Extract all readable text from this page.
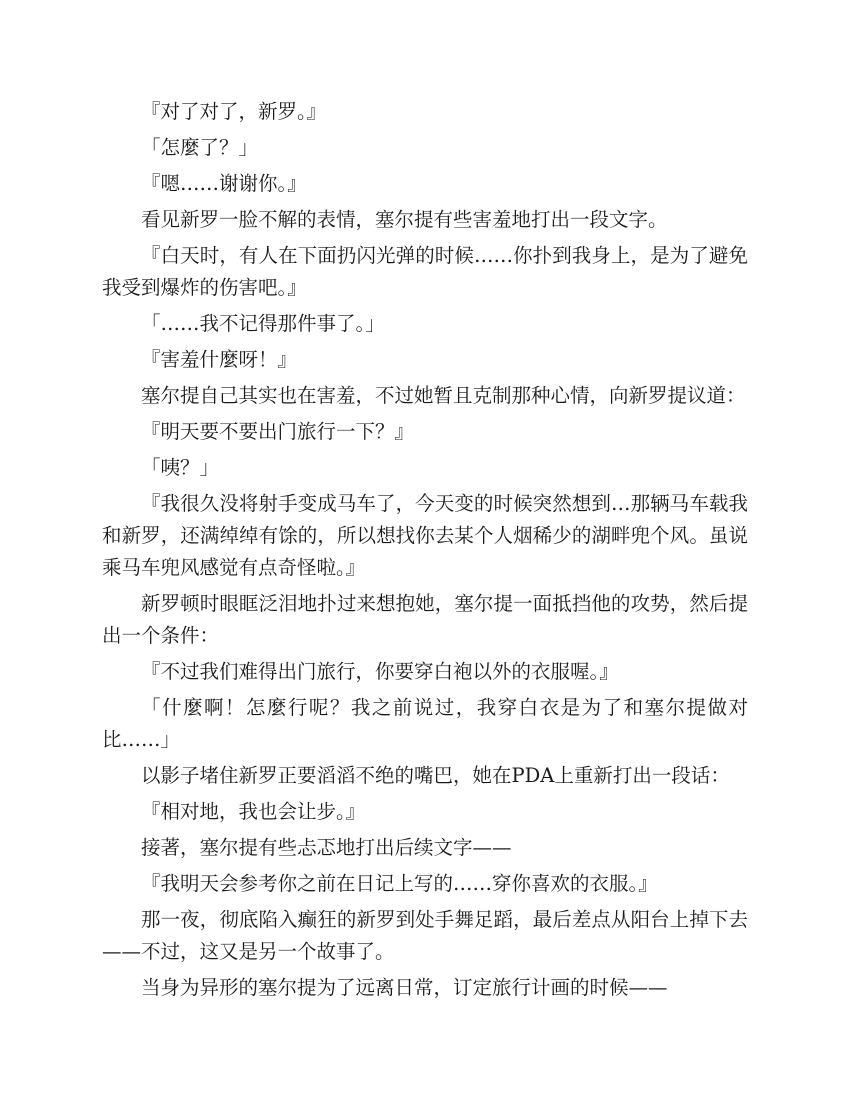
『对了对了，新罗。』

「怎麼了？」

『嗯……谢谢你。』

看见新罗一脸不解的表情，塞尔提有些害羞地打出一段文字。

『白天时，有人在下面扔闪光弹的时候……你扑到我身上，是为了避免我受到爆炸的伤害吧。』

「……我不记得那件事了。」

『害羞什麼呀！』

塞尔提自己其实也在害羞，不过她暂且克制那种心情，向新罗提议道：

『明天要不要出门旅行一下？』

「咦？」

『我很久没将射手变成马车了，今天变的时候突然想到…那辆马车载我和新罗，还满绰绰有馀的，所以想找你去某个人烟稀少的湖畔兜个风。虽说乘马车兜风感觉有点奇怪啦。』

新罗顿时眼眶泛泪地扑过来想抱她，塞尔提一面抵挡他的攻势，然后提出一个条件：

『不过我们难得出门旅行，你要穿白袍以外的衣服喔。』

「什麼啊！怎麼行呢？我之前说过，我穿白衣是为了和塞尔提做对比……」

以影子堵住新罗正要滔滔不绝的嘴巴，她在PDA上重新打出一段话：

『相对地，我也会让步。』

接著，塞尔提有些忐忑地打出后续文字——

『我明天会参考你之前在日记上写的……穿你喜欢的衣服。』

那一夜，彻底陷入癫狂的新罗到处手舞足蹈，最后差点从阳台上掉下去——不过，这又是另一个故事了。

当身为异形的塞尔提为了远离日常，订定旅行计画的时候——
